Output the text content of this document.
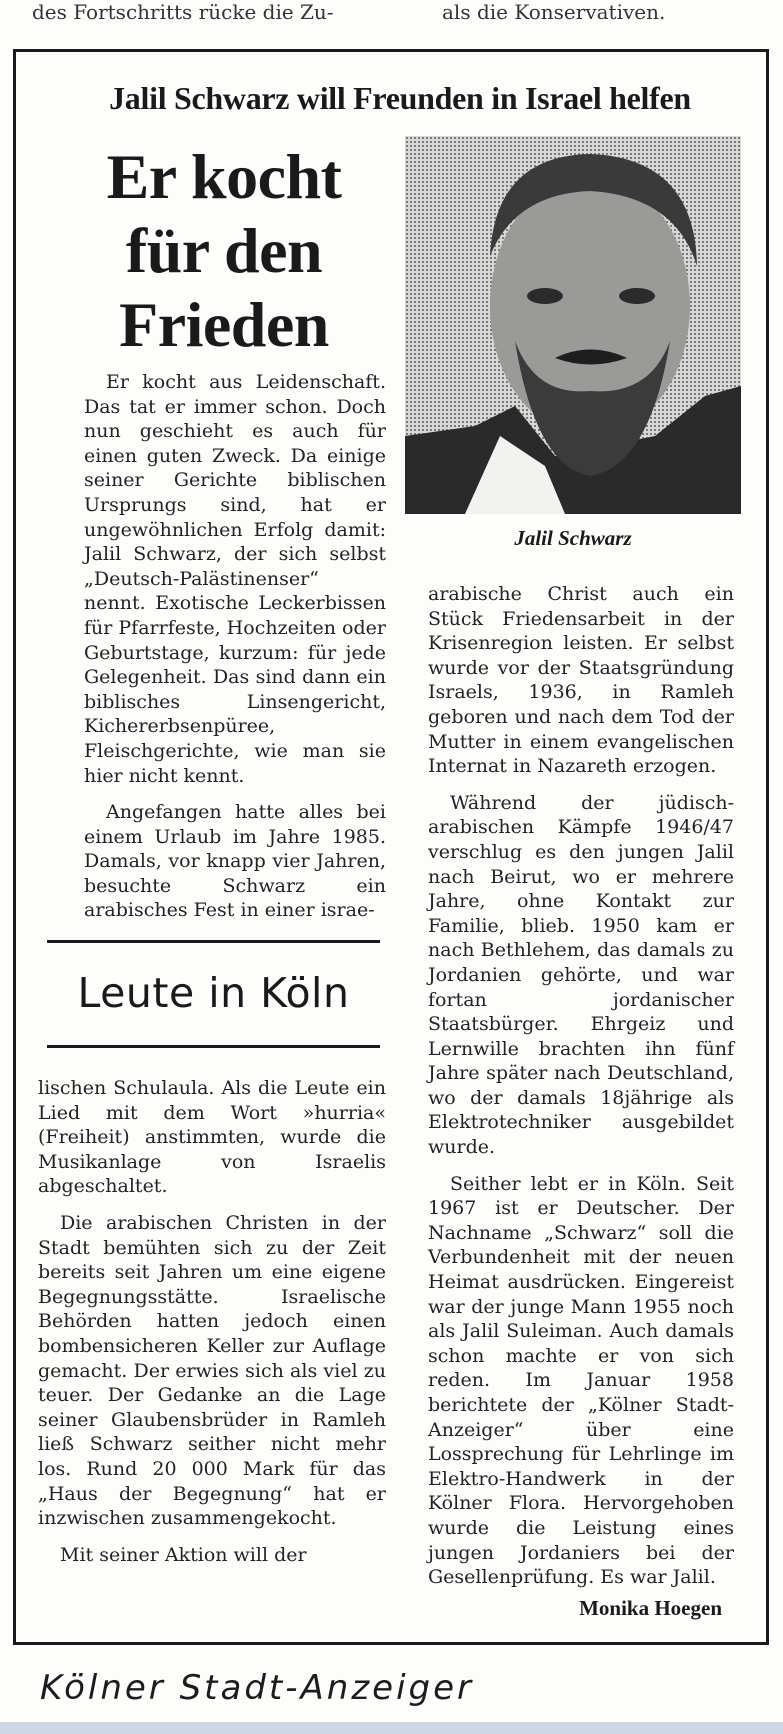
des Fortschritts rücke die Zu-	als die Konservativen.
Jalil Schwarz will Freunden in Israel helfen
Er kocht
für den
Frieden
Jalil Schwarz

Er kocht aus Leidenschaft. Das tat er immer schon. Doch nun geschieht es auch für einen guten Zweck. Da einige seiner Gerichte biblischen Ursprungs sind, hat er ungewöhnlichen Erfolg damit: Jalil Schwarz, der sich selbst „Deutsch-Palästinenser“ nennt. Exotische Leckerbissen für Pfarrfeste, Hochzeiten oder Geburtstage, kurzum: für jede Gelegenheit. Das sind dann ein biblisches Linsengericht, Kichererbsenpüree, Fleischgerichte, wie man sie hier nicht kennt.

Angefangen hatte alles bei einem Urlaub im Jahre 1985. Damals, vor knapp vier Jahren, besuchte Schwarz ein arabisches Fest in einer israe-

Leute in Köln

lischen Schulaula. Als die Leute ein Lied mit dem Wort »hurria« (Freiheit) anstimmten, wurde die Musikanlage von Israelis abgeschaltet.

Die arabischen Christen in der Stadt bemühten sich zu der Zeit bereits seit Jahren um eine eigene Begegnungsstätte. Israelische Behörden hatten jedoch einen bombensicheren Keller zur Auflage gemacht. Der erwies sich als viel zu teuer. Der Gedanke an die Lage seiner Glaubensbrüder in Ramleh ließ Schwarz seither nicht mehr los. Rund 20 000 Mark für das „Haus der Begegnung“ hat er inzwischen zusammengekocht.

Mit seiner Aktion will der

arabische Christ auch ein Stück Friedensarbeit in der Krisenregion leisten. Er selbst wurde vor der Staatsgründung Israels, 1936, in Ramleh geboren und nach dem Tod der Mutter in einem evangelischen Internat in Nazareth erzogen.

Während der jüdisch-arabischen Kämpfe 1946/47 verschlug es den jungen Jalil nach Beirut, wo er mehrere Jahre, ohne Kontakt zur Familie, blieb. 1950 kam er nach Bethlehem, das damals zu Jordanien gehörte, und war fortan jordanischer Staatsbürger. Ehrgeiz und Lernwille brachten ihn fünf Jahre später nach Deutschland, wo der damals 18jährige als Elektrotechniker ausgebildet wurde.

Seither lebt er in Köln. Seit 1967 ist er Deutscher. Der Nachname „Schwarz“ soll die Verbundenheit mit der neuen Heimat ausdrücken. Eingereist war der junge Mann 1955 noch als Jalil Suleiman. Auch damals schon machte er von sich reden. Im Januar 1958 berichtete der „Kölner Stadt-Anzeiger“ über eine Lossprechung für Lehrlinge im Elektro-Handwerk in der Kölner Flora. Hervorgehoben wurde die Leistung eines jungen Jordaniers bei der Gesellenprüfung. Es war Jalil.

Monika Hoegen
Kölner Stadt-Anzeiger
